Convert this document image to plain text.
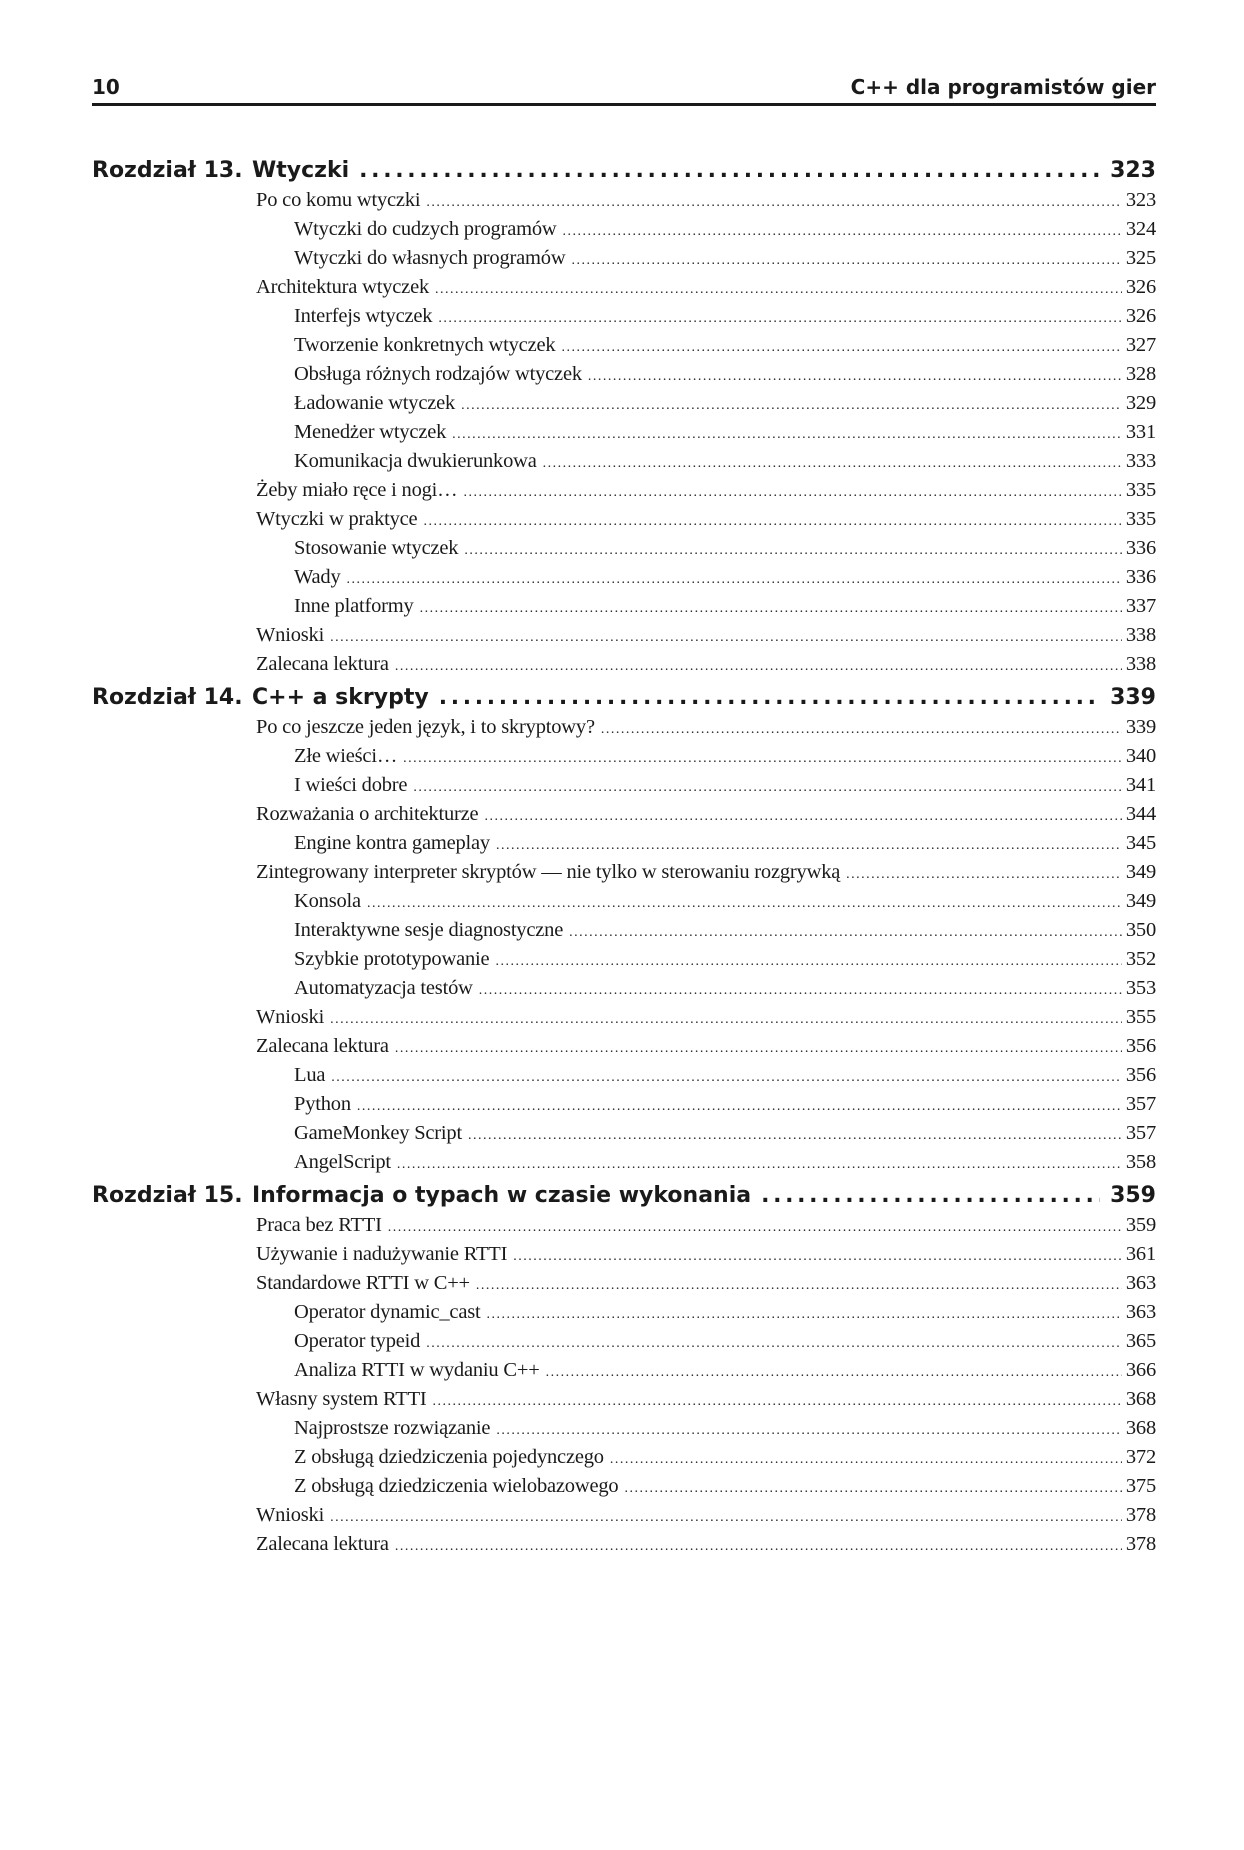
10	C++ dla programistów gier
Rozdział 13. Wtyczki . . .	323
Po co komu wtyczki . . .	323
Wtyczki do cudzych programów . . .	324
Wtyczki do własnych programów . . .	325
Architektura wtyczek . . .	326
Interfejs wtyczek . . .	326
Tworzenie konkretnych wtyczek . . .	327
Obsługa różnych rodzajów wtyczek . . .	328
Ładowanie wtyczek . . .	329
Menedżer wtyczek . . .	331
Komunikacja dwukierunkowa . . .	333
Żeby miało ręce i nogi… . . .	335
Wtyczki w praktyce . . .	335
Stosowanie wtyczek . . .	336
Wady . . .	336
Inne platformy . . .	337
Wnioski . . .	338
Zalecana lektura . . .	338
Rozdział 14. C++ a skrypty . . .	339
Po co jeszcze jeden język, i to skryptowy? . . .	339
Złe wieści… . . .	340
I wieści dobre . . .	341
Rozważania o architekturze . . .	344
Engine kontra gameplay . . .	345
Zintegrowany interpreter skryptów — nie tylko w sterowaniu rozgrywką . . .	349
Konsola . . .	349
Interaktywne sesje diagnostyczne . . .	350
Szybkie prototypowanie . . .	352
Automatyzacja testów . . .	353
Wnioski . . .	355
Zalecana lektura . . .	356
Lua . . .	356
Python . . .	357
GameMonkey Script . . .	357
AngelScript . . .	358
Rozdział 15. Informacja o typach w czasie wykonania . . .	359
Praca bez RTTI . . .	359
Używanie i nadużywanie RTTI . . .	361
Standardowe RTTI w C++ . . .	363
Operator dynamic_cast . . .	363
Operator typeid . . .	365
Analiza RTTI w wydaniu C++ . . .	366
Własny system RTTI . . .	368
Najprostsze rozwiązanie . . .	368
Z obsługą dziedziczenia pojedynczego . . .	372
Z obsługą dziedziczenia wielobazowego . . .	375
Wnioski . . .	378
Zalecana lektura . . .	378
